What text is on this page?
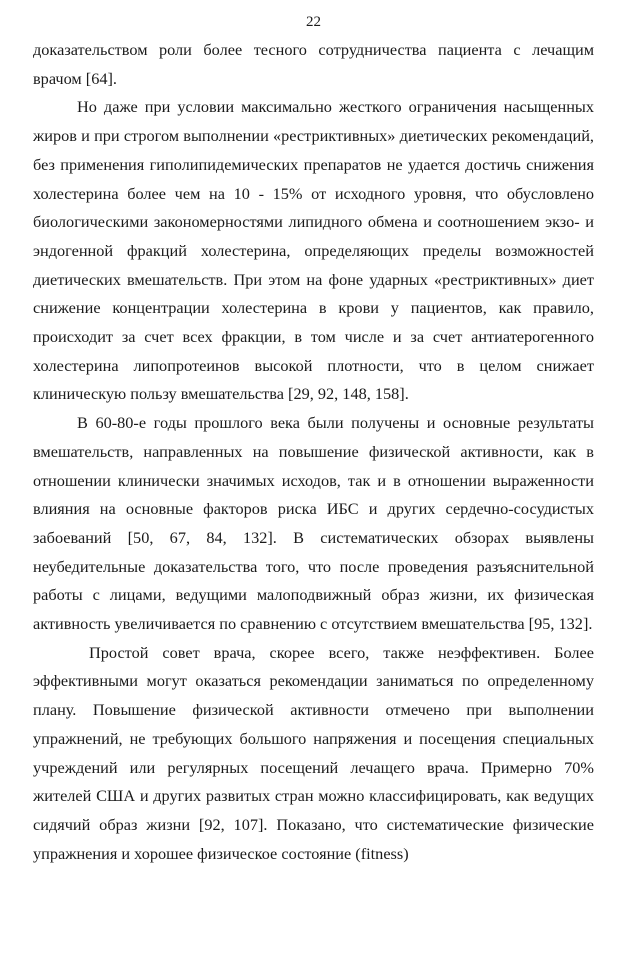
22

доказательством роли более тесного сотрудничества пациента с лечащим врачом [64].

Но даже при условии максимально жесткого ограничения насыщенных жиров и при строгом выполнении «рестриктивных» диетических рекомендаций, без применения гиполипидемических препаратов не удается достичь снижения холестерина более чем на 10 - 15% от исходного уровня, что обусловлено биологическими закономерностями липидного обмена и соотношением экзо- и эндогенной фракций холестерина, определяющих пределы возможностей диетических вмешательств. При этом на фоне ударных «рестриктивных» диет снижение концентрации холестерина в крови у пациентов, как правило, происходит за счет всех фракции, в том числе и за счет антиатерогенного холестерина липопротеинов высокой плотности, что в целом снижает клиническую пользу вмешательства [29, 92, 148, 158].

В 60-80-е годы прошлого века были получены и основные результаты вмешательств, направленных на повышение физической активности, как в отношении клинически значимых исходов, так и в отношении выраженности влияния на основные факторов риска ИБС и других сердечно-сосудистых забоеваний [50, 67, 84, 132]. В систематических обзорах выявлены неубедительные доказательства того, что после проведения разъяснительной работы с лицами, ведущими малоподвижный образ жизни, их физическая активность увеличивается по сравнению с отсутствием вмешательства [95, 132].

Простой совет врача, скорее всего, также неэффективен. Более эффективными могут оказаться рекомендации заниматься по определенному плану. Повышение физической активности отмечено при выполнении упражнений, не требующих большого напряжения и посещения специальных учреждений или регулярных посещений лечащего врача. Примерно 70% жителей США и других развитых стран можно классифицировать, как ведущих сидячий образ жизни [92, 107]. Показано, что систематические физические упражнения и хорошее физическое состояние (fitness)
